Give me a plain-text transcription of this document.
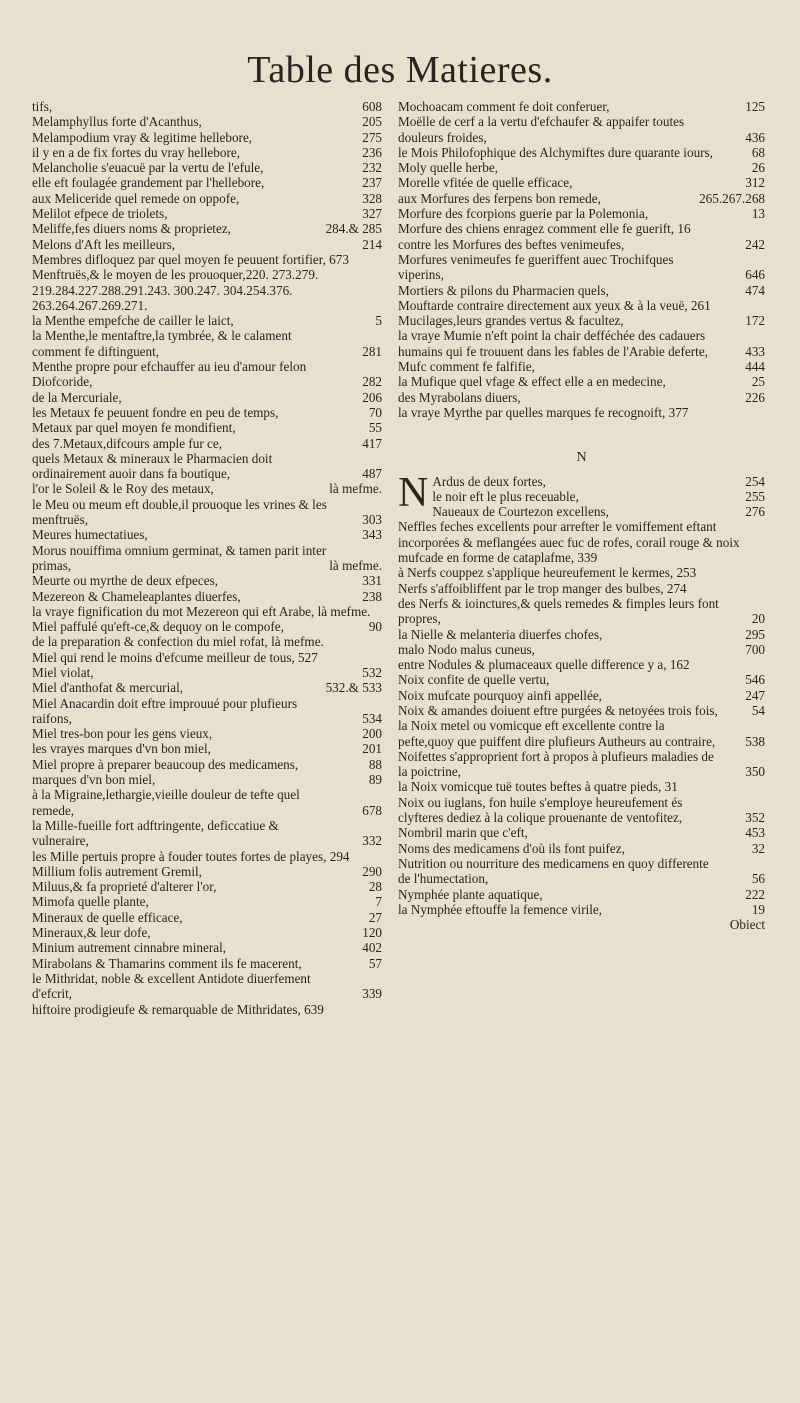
Table des Matieres.
tifs,	608
Melamphyllus forte d'Acanthus,	205
Melampodium vray & legitime hellebore,	275
il y en a de fix fortes du vray hellebore,	236
Melancholie s'euacuë par la vertu de l'efule,	232
elle eft foulagée grandement par l'hellebore,	237
aux Meliceride quel remede on oppofe,	328
Melilot efpece de triolets,	327
Meliffe,fes diuers noms & proprietez,	284.& 285
Melons d'Aft les meilleurs,	214
Membres difloquez par quel moyen fe peuuent fortifier, 673
Menftruës,& le moyen de les prouoquer,220. 273.279. 219.284.227.288.291.243. 300.247. 304.254.376. 263.264.267.269.271.
la Menthe empefche de cailler le laict,	5
la Menthe,le mentaftre,la tymbrée, & le calament comment fe diftinguent,	281
Menthe propre pour efchauffer au ieu d'amour felon Diofcoride,	282
de la Mercuriale,	206
les Metaux fe peuuent fondre en peu de temps,	70
Metaux par quel moyen fe mondifient,	55
des 7.Metaux,difcours ample fur ce,	417
quels Metaux & mineraux le Pharmacien doit ordinairement auoir dans fa boutique,	487
l'or le Soleil & le Roy des metaux,	là mefme.
le Meu ou meum eft double,il prouoque les vrines & les menftruës,	303
Meures humectatiues,	343
Morus nouiffima omnium germinat, & tamen parit inter primas,	là mefme.
Meurte ou myrthe de deux efpeces,	331
Mezereon & Chameleaplantes diuerfes,	238
la vraye fignification du mot Mezereon qui eft Arabe, là mefme.
Miel paffulé qu'eft-ce,& dequoy on le compofe,	90
de la preparation & confection du miel rofat, là mefme.
Miel qui rend le moins d'efcume meilleur de tous, 527
Miel violat,	532
Miel d'anthofat & mercurial,	532.& 533
Miel Anacardin doit eftre improuué pour plufieurs raifons,	534
Miel tres-bon pour les gens vieux,	200
les vrayes marques d'vn bon miel,	201
Miel propre à preparer beaucoup des medicamens,	88
marques d'vn bon miel,	89
à la Migraine,lethargie,vieille douleur de tefte quel remede,	678
la Mille-fueille fort adftringente, deficcatiue & vulneraire,	332
les Mille pertuis propre à fouder toutes fortes de playes, 294
Millium folis autrement Gremil,	290
Miluus,& fa proprieté d'alterer l'or,	28
Mimofa quelle plante,	7
Mineraux de quelle efficace,	27
Mineraux,& leur dofe,	120
Minium autrement cinnabre mineral,	402
Mirabolans & Thamarins comment ils fe macerent,	57
le Mithridat, noble & excellent Antidote diuerfement d'efcrit,	339
hiftoire prodigieufe & remarquable de Mithridates, 639
Mochoacam comment fe doit conferuer,	125
Moëlle de cerf a la vertu d'efchaufer & appaifer toutes douleurs froides,	436
le Mois Philofophique des Alchymiftes dure quarante iours,	68
Moly quelle herbe,	26
Morelle vfitée de quelle efficace,	312
aux Morfures des ferpens bon remede,	265.267.268
Morfure des fcorpions guerie par la Polemonia,	13
Morfure des chiens enragez comment elle fe guerift, 16
contre les Morfures des beftes venimeufes,	242
Morfures venimeufes fe gueriffent auec Trochifques viperins,	646
Mortiers & pilons du Pharmacien quels,	474
Mouftarde contraire directement aux yeux & à la veuë, 261
Mucilages,leurs grandes vertus & facultez,	172
la vraye Mumie n'eft point la chair defféchée des cadauers humains qui fe trouuent dans les fables de l'Arabie deferte,	433
Mufc comment fe falfifie,	444
la Mufique quel vfage & effect elle a en medecine,	25
des Myrabolans diuers,	226
la vraye Myrthe par quelles marques fe recognoift, 377
N
N Ardus de deux fortes,	254
le noir eft le plus receuable,	255
Naueaux de Courtezon excellens,	276
Neffles feches excellents pour arrefter le vomiffement eftant incorporées & meflangées auec fuc de rofes, corail rouge & noix mufcade en forme de cataplafme, 339
à Nerfs couppez s'applique heureufement le kermes, 253
Nerfs s'affoibliffent par le trop manger des bulbes, 274
des Nerfs & ioinctures,& quels remedes & fimples leurs font propres,	20
la Nielle & melanteria diuerfes chofes,	295
malo Nodo malus cuneus,	700
entre Nodules & plumaceaux quelle difference y a, 162
Noix confite de quelle vertu,	546
Noix mufcate pourquoy ainfi appellée,	247
Noix & amandes doiuent eftre purgées & netoyées trois fois,	54
la Noix metel ou vomicque eft excellente contre la pefte,quoy que puiffent dire plufieurs Autheurs au contraire,	538
Noifettes s'approprient fort à propos à plufieurs maladies de la poictrine,	350
la Noix vomicque tuë toutes beftes à quatre pieds, 31
Noix ou iuglans, fon huile s'employe heureufement és clyfteres dediez à la colique prouenante de ventofitez,	352
Nombril marin que c'eft,	453
Noms des medicamens d'où ils font puifez,	32
Nutrition ou nourriture des medicamens en quoy differente de l'humectation,	56
Nymphée plante aquatique,	222
la Nymphée eftouffe la femence virile,	19
Obiect
